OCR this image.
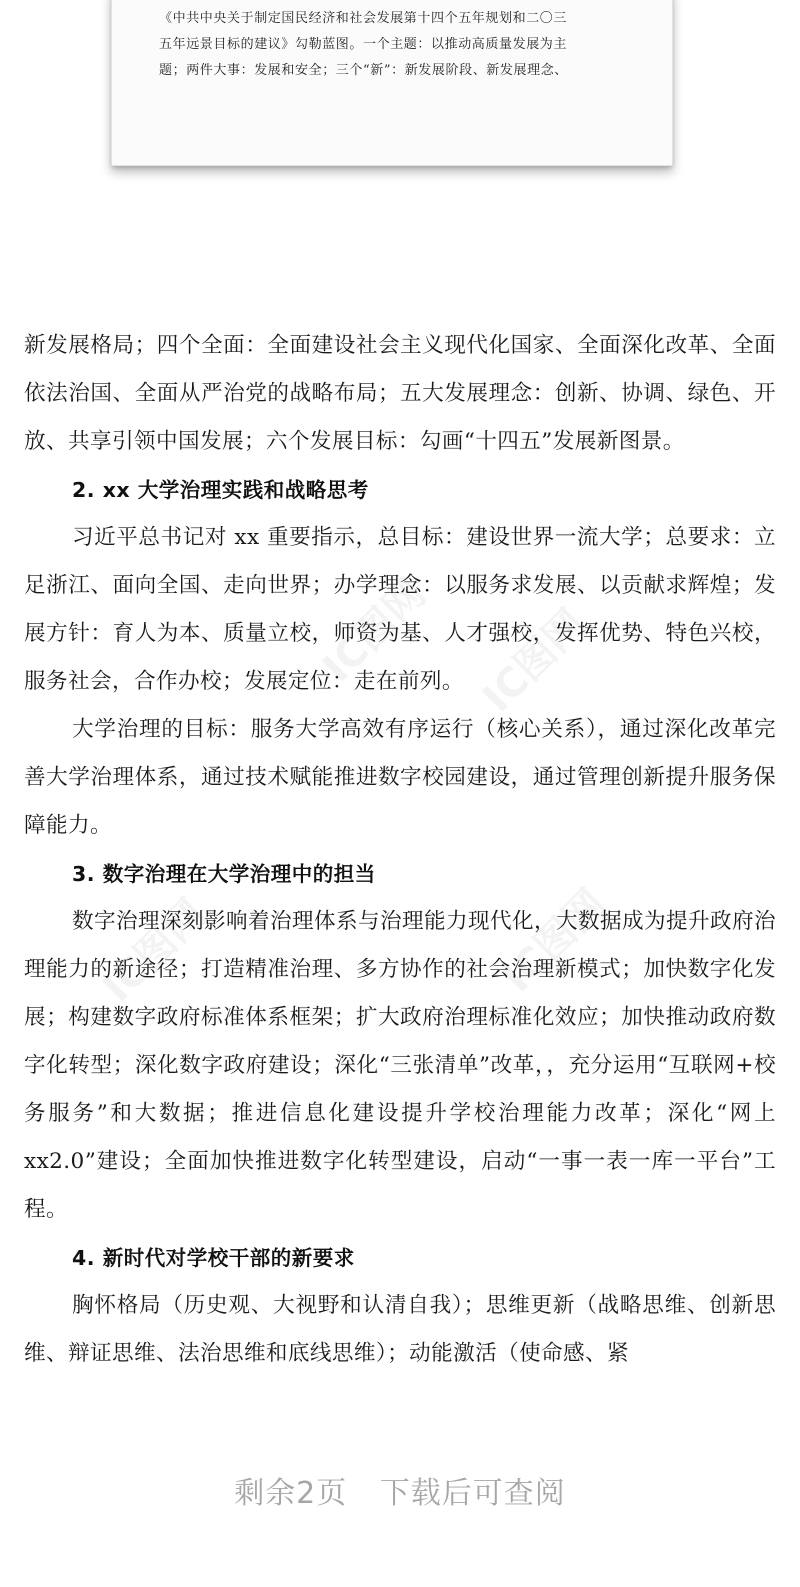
《中共中央关于制定国民经济和社会发展第十四个五年规划和二〇三
五年远景目标的建议》勾勒蓝图。一个主题：以推动高质量发展为主
题；两件大事：发展和安全；三个“新”：新发展阶段、新发展理念、
IC图网 IC图网
IC图网	IC图网

新发展格局；四个全面：全面建设社会主义现代化国家、全面深化改革、全面依法治国、全面从严治党的战略布局；五大发展理念：创新、协调、绿色、开放、共享引领中国发展；六个发展目标：勾画“十四五”发展新图景。

2. xx 大学治理实践和战略思考

习近平总书记对 xx 重要指示，总目标：建设世界一流大学；总要求：立足浙江、面向全国、走向世界；办学理念：以服务求发展、以贡献求辉煌；发展方针：育人为本、质量立校，师资为基、人才强校，发挥优势、特色兴校，服务社会，合作办校；发展定位：走在前列。

大学治理的目标：服务大学高效有序运行（核心关系），通过深化改革完善大学治理体系，通过技术赋能推进数字校园建设，通过管理创新提升服务保障能力。

3. 数字治理在大学治理中的担当

数字治理深刻影响着治理体系与治理能力现代化，大数据成为提升政府治理能力的新途径；打造精准治理、多方协作的社会治理新模式；加快数字化发展；构建数字政府标准体系框架；扩大政府治理标准化效应；加快推动政府数字化转型；深化数字政府建设；深化“三张清单”改革，，充分运用“互联网+校务服务”和大数据；推进信息化建设提升学校治理能力改革；深化“网上 xx2.0”建设；全面加快推进数字化转型建设，启动“一事一表一库一平台”工程。

4. 新时代对学校干部的新要求

胸怀格局（历史观、大视野和认清自我）；思维更新（战略思维、创新思维、辩证思维、法治思维和底线思维）；动能激活（使命感、紧

剩余2页 下载后可查阅
